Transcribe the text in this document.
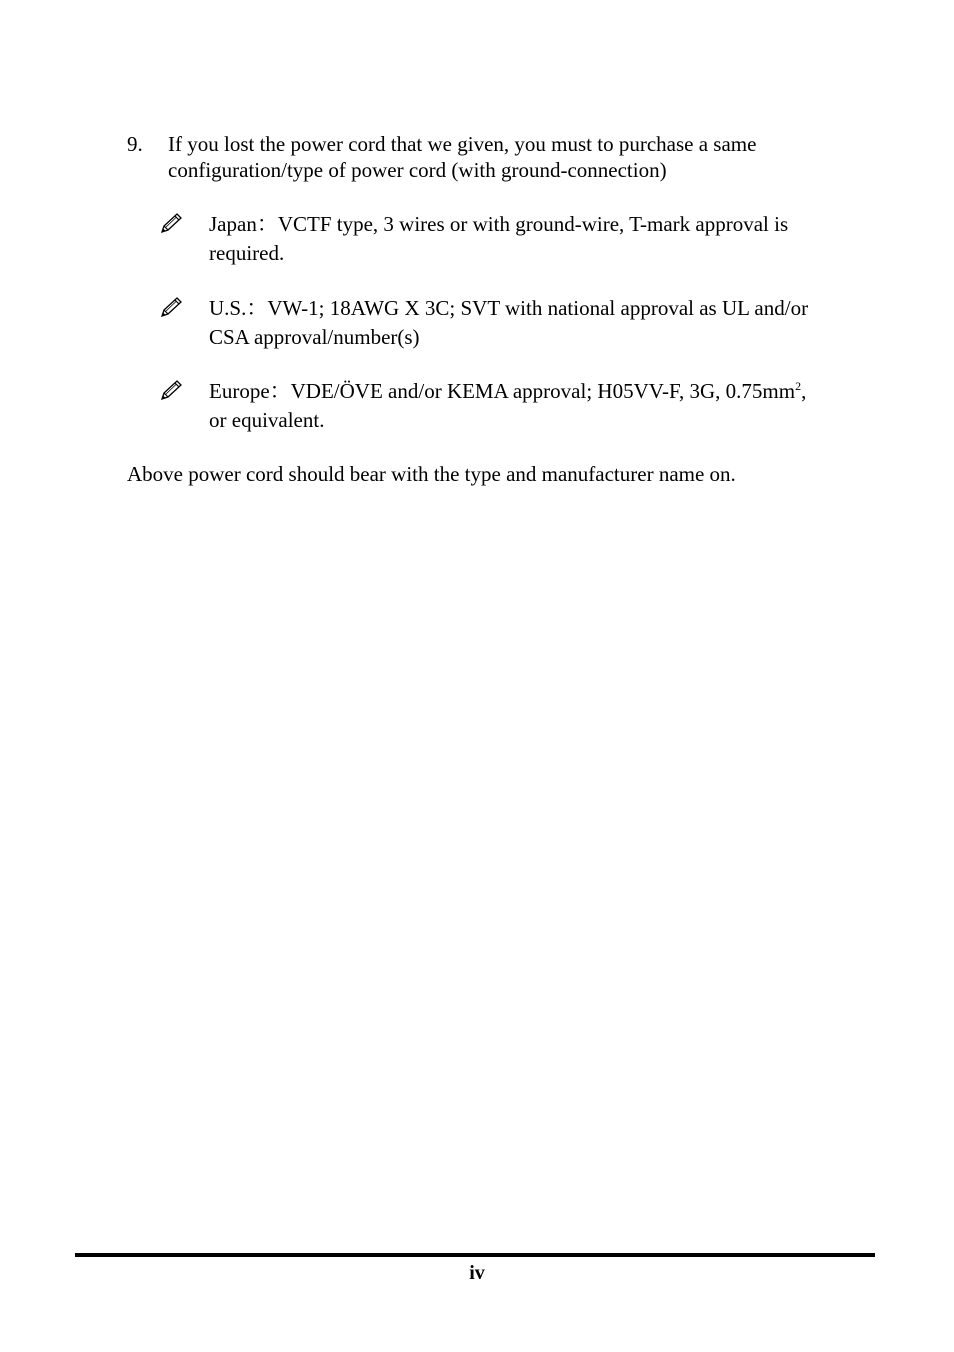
9. If you lost the power cord that we given, you must to purchase a same
configuration/type of power cord (with ground-connection)
Japan：VCTF type, 3 wires or with ground-wire, T-mark approval is
required.
U.S.：VW-1; 18AWG X 3C; SVT with national approval as UL and/or
CSA approval/number(s)
Europe：VDE/ÖVE and/or KEMA approval; H05VV-F, 3G, $0.75mm^2$,
or equivalent.
Above power cord should bear with the type and manufacturer name on.
iv
